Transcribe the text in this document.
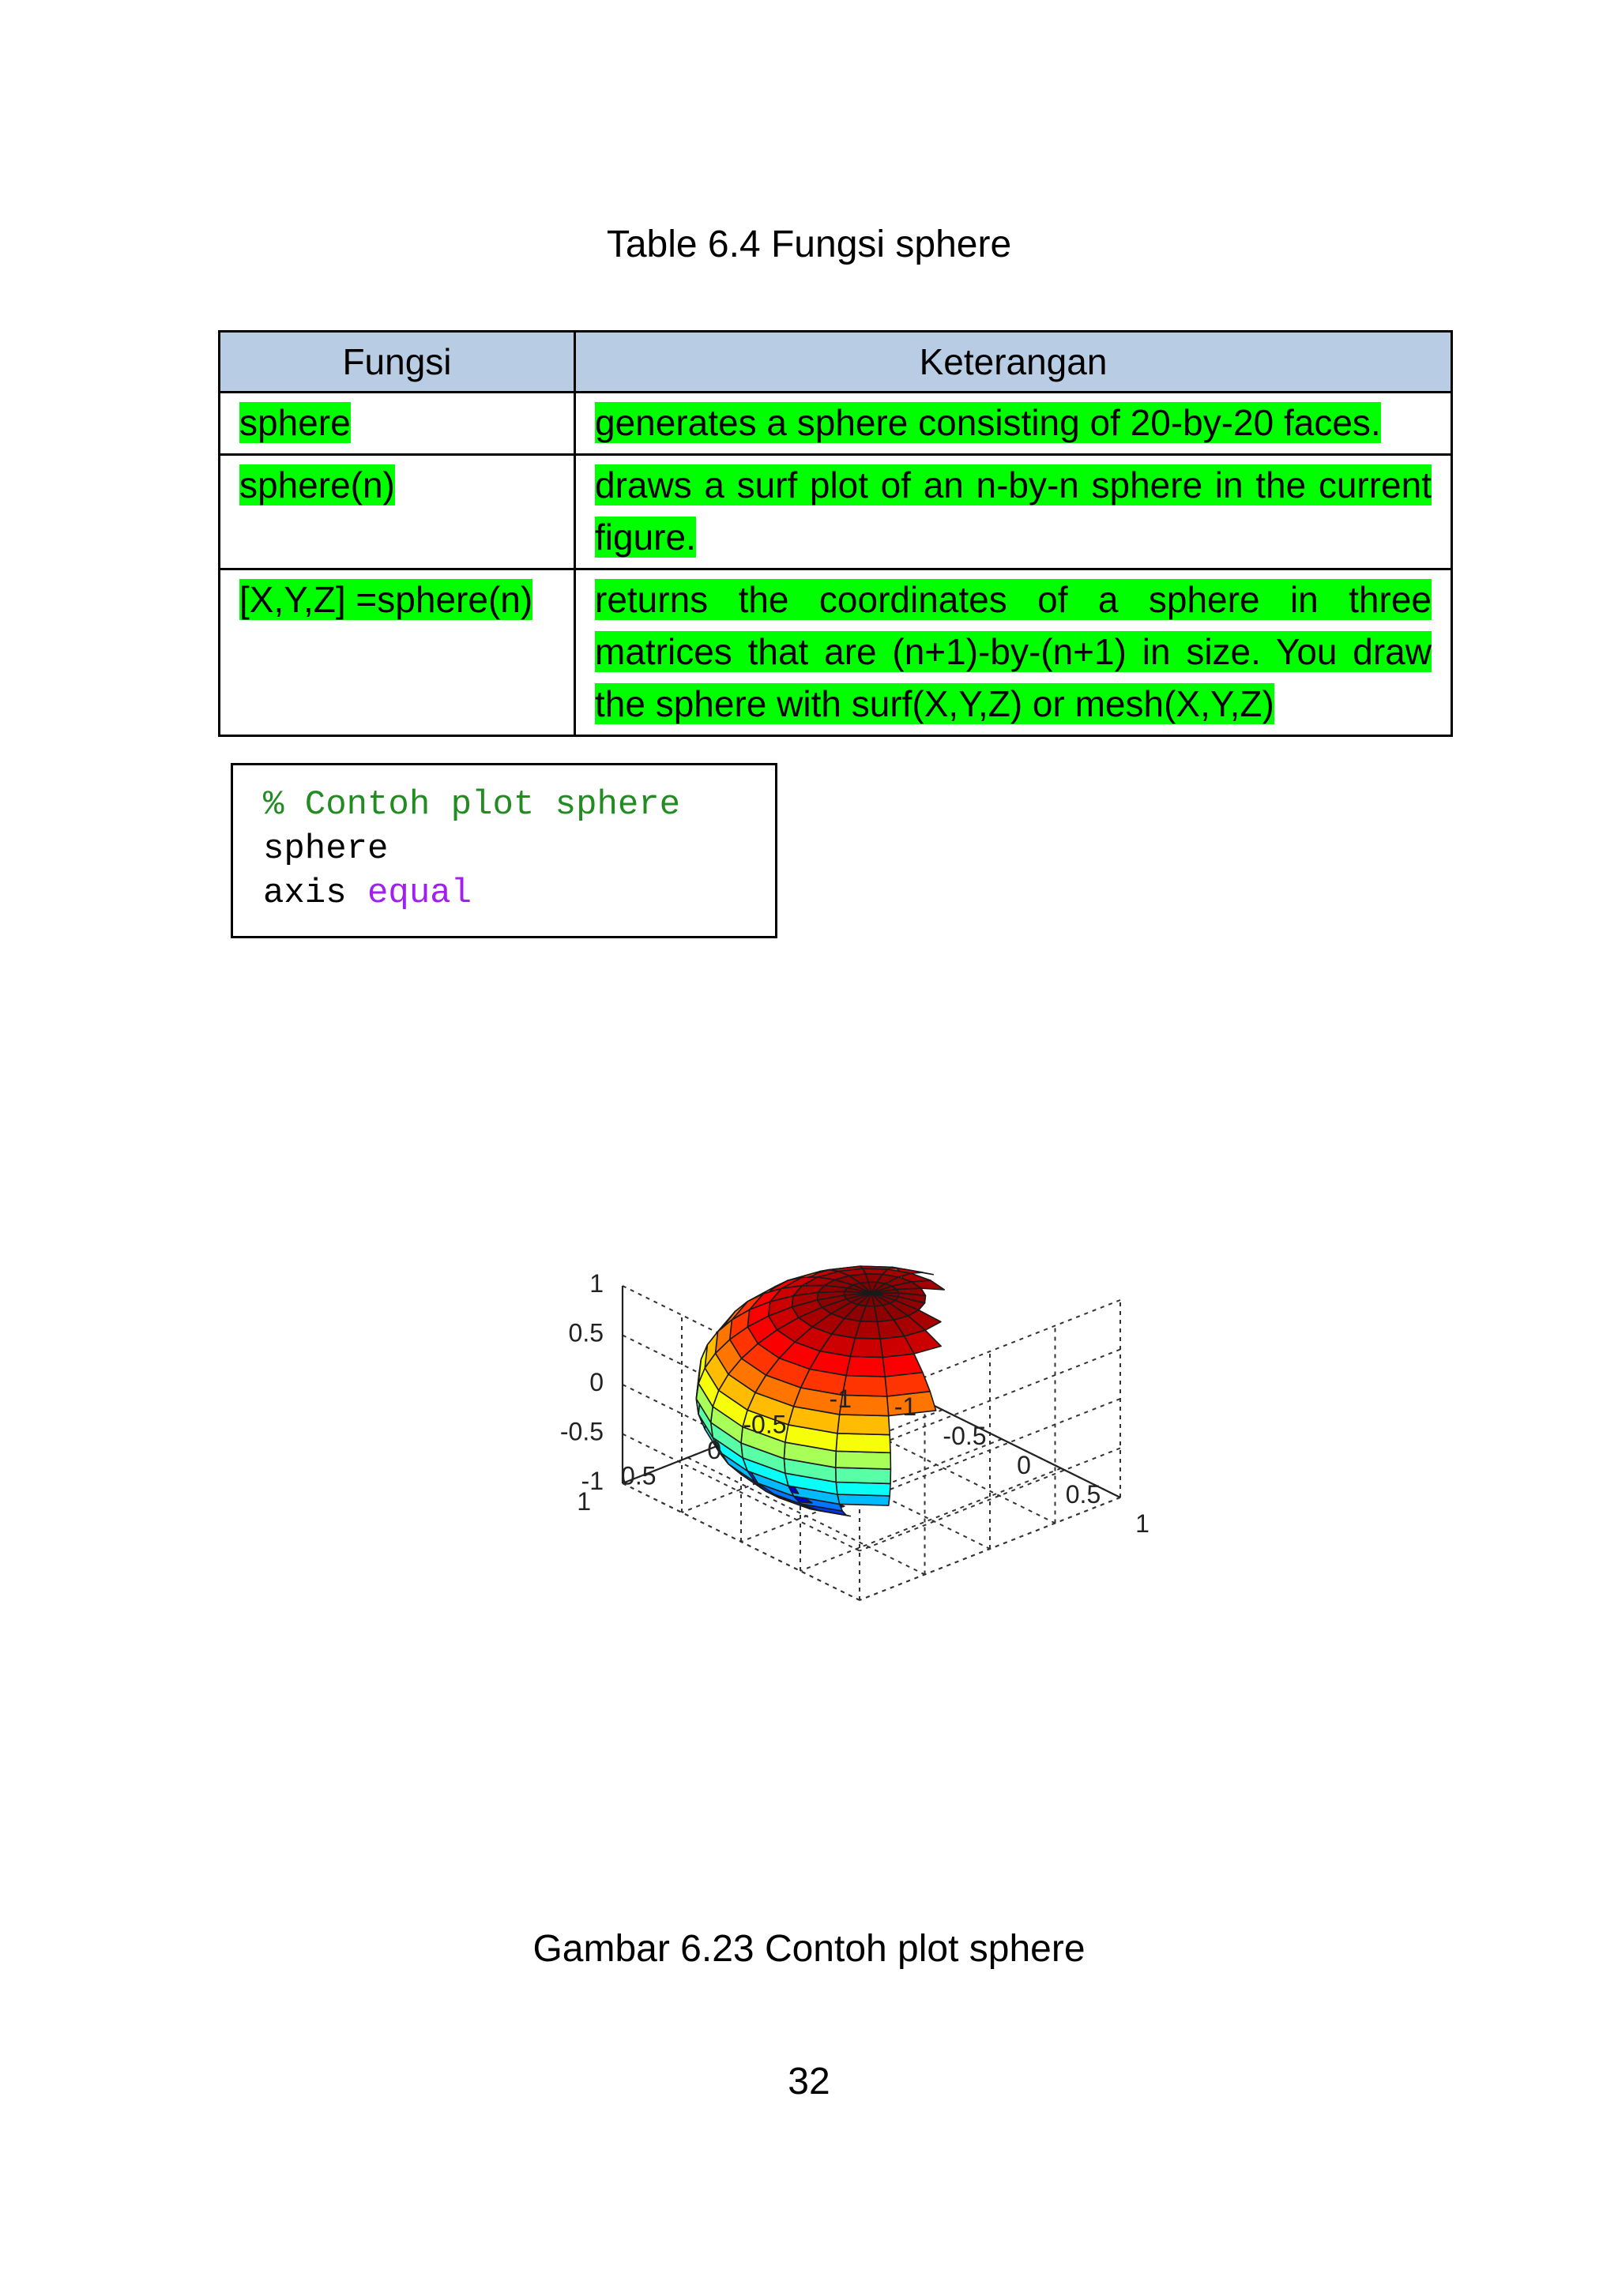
Table 6.4 Fungsi sphere
Fungsi	Keterangan
sphere	generates a sphere consisting of 20-by-20 faces.
sphere(n)	draws a surf plot of an n-by-n sphere in the current figure.
[X,Y,Z] =sphere(n)	returns the coordinates of a sphere in three matrices that are (n+1)-by-(n+1) in size. You draw the sphere with surf(X,Y,Z) or mesh(X,Y,Z)
% Contoh plot sphere
sphere
axis equal
-1
-0.5
0
0.5
1
1
0.5
0
-0.5
-1 -1
-0.5
0
0.5
1
Gambar 6.23 Contoh plot sphere
32
